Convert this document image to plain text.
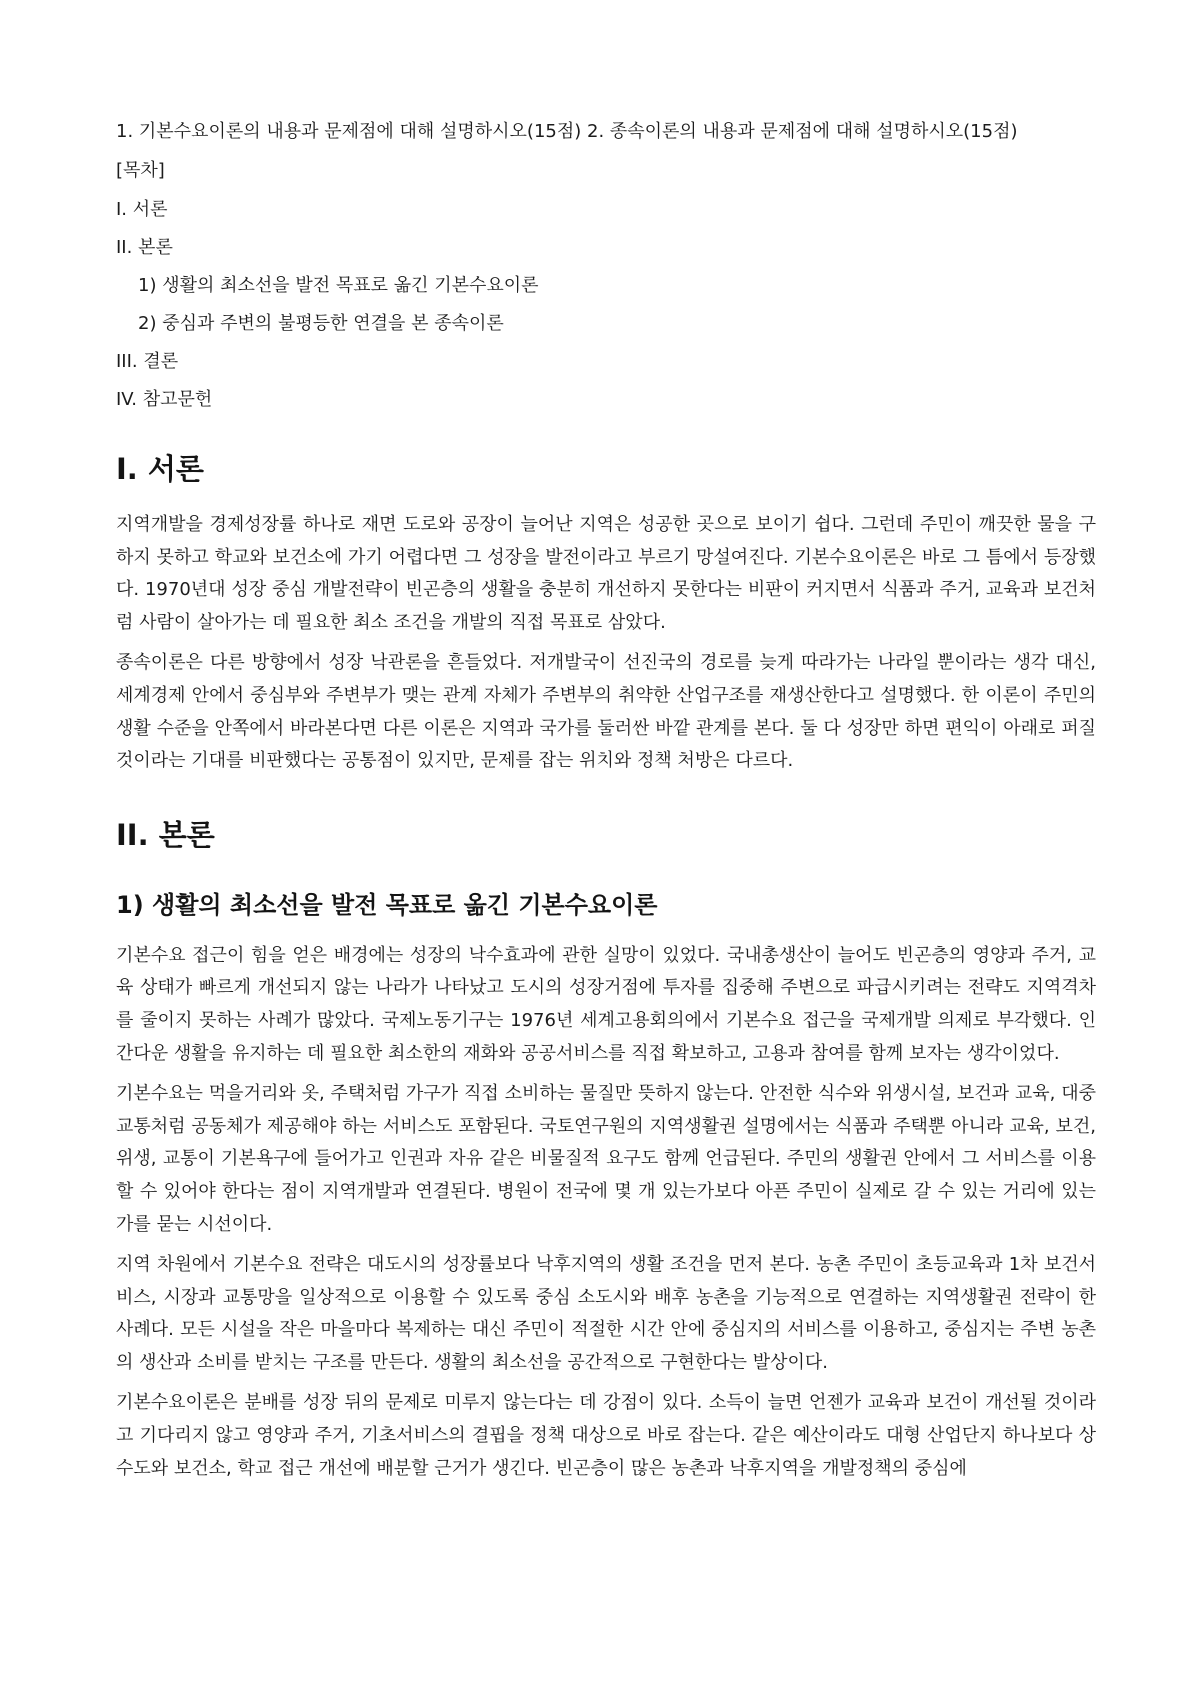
1. 기본수요이론의 내용과 문제점에 대해 설명하시오(15점) 2. 종속이론의 내용과 문제점에 대해 설명하시오(15점)

[목차]
I. 서론
II. 본론
1) 생활의 최소선을 발전 목표로 옮긴 기본수요이론
2) 중심과 주변의 불평등한 연결을 본 종속이론
III. 결론
IV. 참고문헌
I. 서론

지역개발을 경제성장률 하나로 재면 도로와 공장이 늘어난 지역은 성공한 곳으로 보이기 쉽다. 그런데 주민이 깨끗한 물을 구하지 못하고 학교와 보건소에 가기 어렵다면 그 성장을 발전이라고 부르기 망설여진다. 기본수요이론은 바로 그 틈에서 등장했다. 1970년대 성장 중심 개발전략이 빈곤층의 생활을 충분히 개선하지 못한다는 비판이 커지면서 식품과 주거, 교육과 보건처럼 사람이 살아가는 데 필요한 최소 조건을 개발의 직접 목표로 삼았다.

종속이론은 다른 방향에서 성장 낙관론을 흔들었다. 저개발국이 선진국의 경로를 늦게 따라가는 나라일 뿐이라는 생각 대신, 세계경제 안에서 중심부와 주변부가 맺는 관계 자체가 주변부의 취약한 산업구조를 재생산한다고 설명했다. 한 이론이 주민의 생활 수준을 안쪽에서 바라본다면 다른 이론은 지역과 국가를 둘러싼 바깥 관계를 본다. 둘 다 성장만 하면 편익이 아래로 퍼질 것이라는 기대를 비판했다는 공통점이 있지만, 문제를 잡는 위치와 정책 처방은 다르다.

II. 본론
1) 생활의 최소선을 발전 목표로 옮긴 기본수요이론

기본수요 접근이 힘을 얻은 배경에는 성장의 낙수효과에 관한 실망이 있었다. 국내총생산이 늘어도 빈곤층의 영양과 주거, 교육 상태가 빠르게 개선되지 않는 나라가 나타났고 도시의 성장거점에 투자를 집중해 주변으로 파급시키려는 전략도 지역격차를 줄이지 못하는 사례가 많았다. 국제노동기구는 1976년 세계고용회의에서 기본수요 접근을 국제개발 의제로 부각했다. 인간다운 생활을 유지하는 데 필요한 최소한의 재화와 공공서비스를 직접 확보하고, 고용과 참여를 함께 보자는 생각이었다.

기본수요는 먹을거리와 옷, 주택처럼 가구가 직접 소비하는 물질만 뜻하지 않는다. 안전한 식수와 위생시설, 보건과 교육, 대중교통처럼 공동체가 제공해야 하는 서비스도 포함된다. 국토연구원의 지역생활권 설명에서는 식품과 주택뿐 아니라 교육, 보건, 위생, 교통이 기본욕구에 들어가고 인권과 자유 같은 비물질적 요구도 함께 언급된다. 주민의 생활권 안에서 그 서비스를 이용할 수 있어야 한다는 점이 지역개발과 연결된다. 병원이 전국에 몇 개 있는가보다 아픈 주민이 실제로 갈 수 있는 거리에 있는가를 묻는 시선이다.

지역 차원에서 기본수요 전략은 대도시의 성장률보다 낙후지역의 생활 조건을 먼저 본다. 농촌 주민이 초등교육과 1차 보건서비스, 시장과 교통망을 일상적으로 이용할 수 있도록 중심 소도시와 배후 농촌을 기능적으로 연결하는 지역생활권 전략이 한 사례다. 모든 시설을 작은 마을마다 복제하는 대신 주민이 적절한 시간 안에 중심지의 서비스를 이용하고, 중심지는 주변 농촌의 생산과 소비를 받치는 구조를 만든다. 생활의 최소선을 공간적으로 구현한다는 발상이다.

기본수요이론은 분배를 성장 뒤의 문제로 미루지 않는다는 데 강점이 있다. 소득이 늘면 언젠가 교육과 보건이 개선될 것이라고 기다리지 않고 영양과 주거, 기초서비스의 결핍을 정책 대상으로 바로 잡는다. 같은 예산이라도 대형 산업단지 하나보다 상수도와 보건소, 학교 접근 개선에 배분할 근거가 생긴다. 빈곤층이 많은 농촌과 낙후지역을 개발정책의 중심에
